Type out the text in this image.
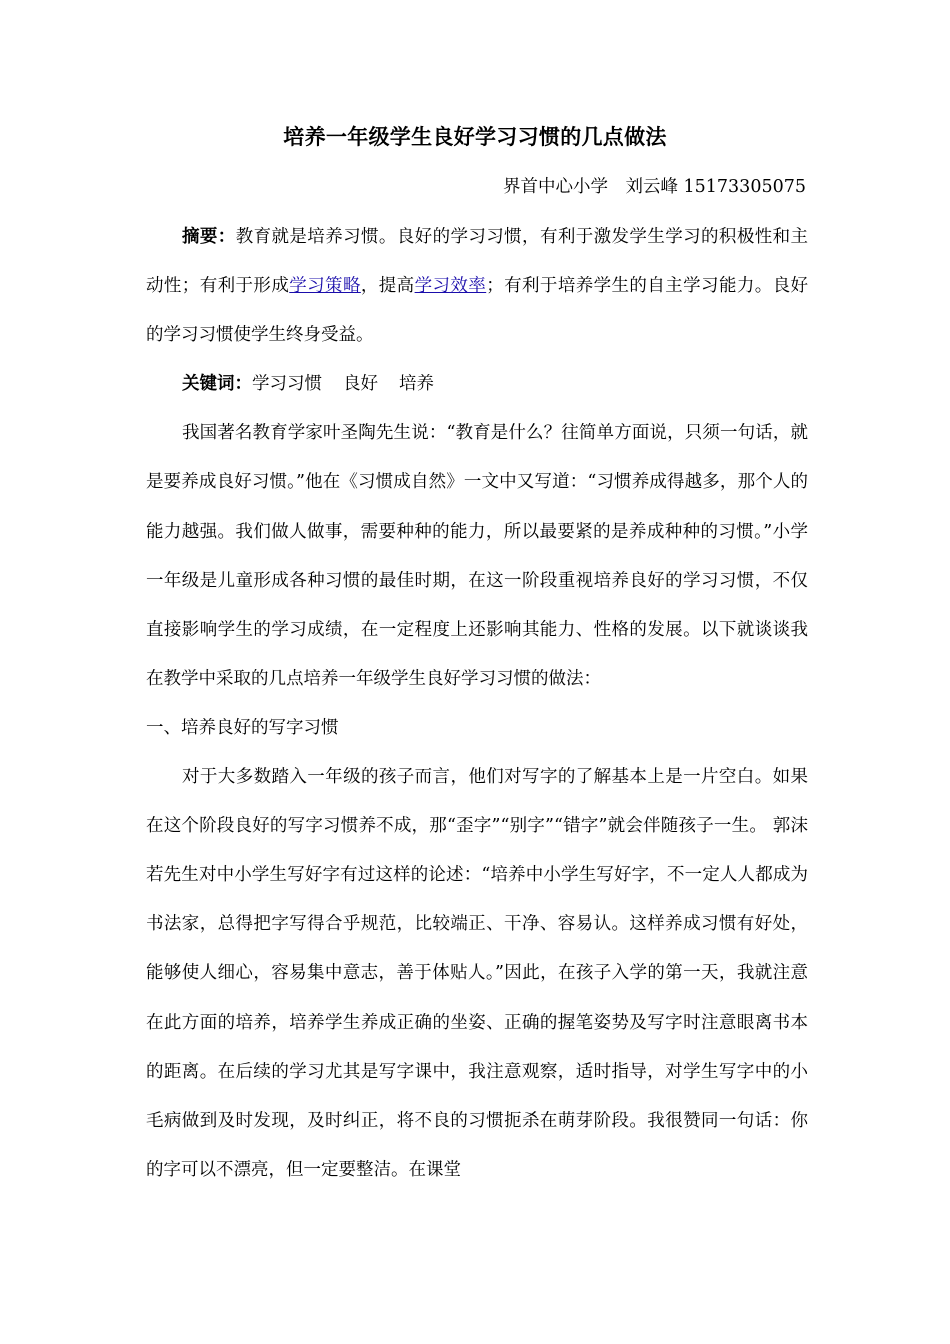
培养一年级学生良好学习习惯的几点做法
界首中心小学　刘云峰 15173305075

摘要：教育就是培养习惯。良好的学习习惯，有利于激发学生学习的积极性和主动性；有利于形成学习策略，提高学习效率；有利于培养学生的自主学习能力。良好的学习习惯使学生终身受益。

关键词：学习习惯 良好 培养

我国著名教育学家叶圣陶先生说：“教育是什么？往简单方面说，只须一句话，就是要养成良好习惯。”他在《习惯成自然》一文中又写道：“习惯养成得越多，那个人的能力越强。我们做人做事，需要种种的能力，所以最要紧的是养成种种的习惯。”小学一年级是儿童形成各种习惯的最佳时期，在这一阶段重视培养良好的学习习惯，不仅直接影响学生的学习成绩，在一定程度上还影响其能力、性格的发展。以下就谈谈我在教学中采取的几点培养一年级学生良好学习习惯的做法：

一、培养良好的写字习惯

对于大多数踏入一年级的孩子而言，他们对写字的了解基本上是一片空白。如果在这个阶段良好的写字习惯养不成，那“歪字”“别字”“错字”就会伴随孩子一生。 郭沫若先生对中小学生写好字有过这样的论述：“培养中小学生写好字，不一定人人都成为书法家，总得把字写得合乎规范，比较端正、干净、容易认。这样养成习惯有好处，能够使人细心，容易集中意志，善于体贴人。”因此，在孩子入学的第一天，我就注意在此方面的培养，培养学生养成正确的坐姿、正确的握笔姿势及写字时注意眼离书本的距离。在后续的学习尤其是写字课中，我注意观察，适时指导，对学生写字中的小毛病做到及时发现，及时纠正，将不良的习惯扼杀在萌芽阶段。我很赞同一句话：你的字可以不漂亮，但一定要整洁。在课堂
